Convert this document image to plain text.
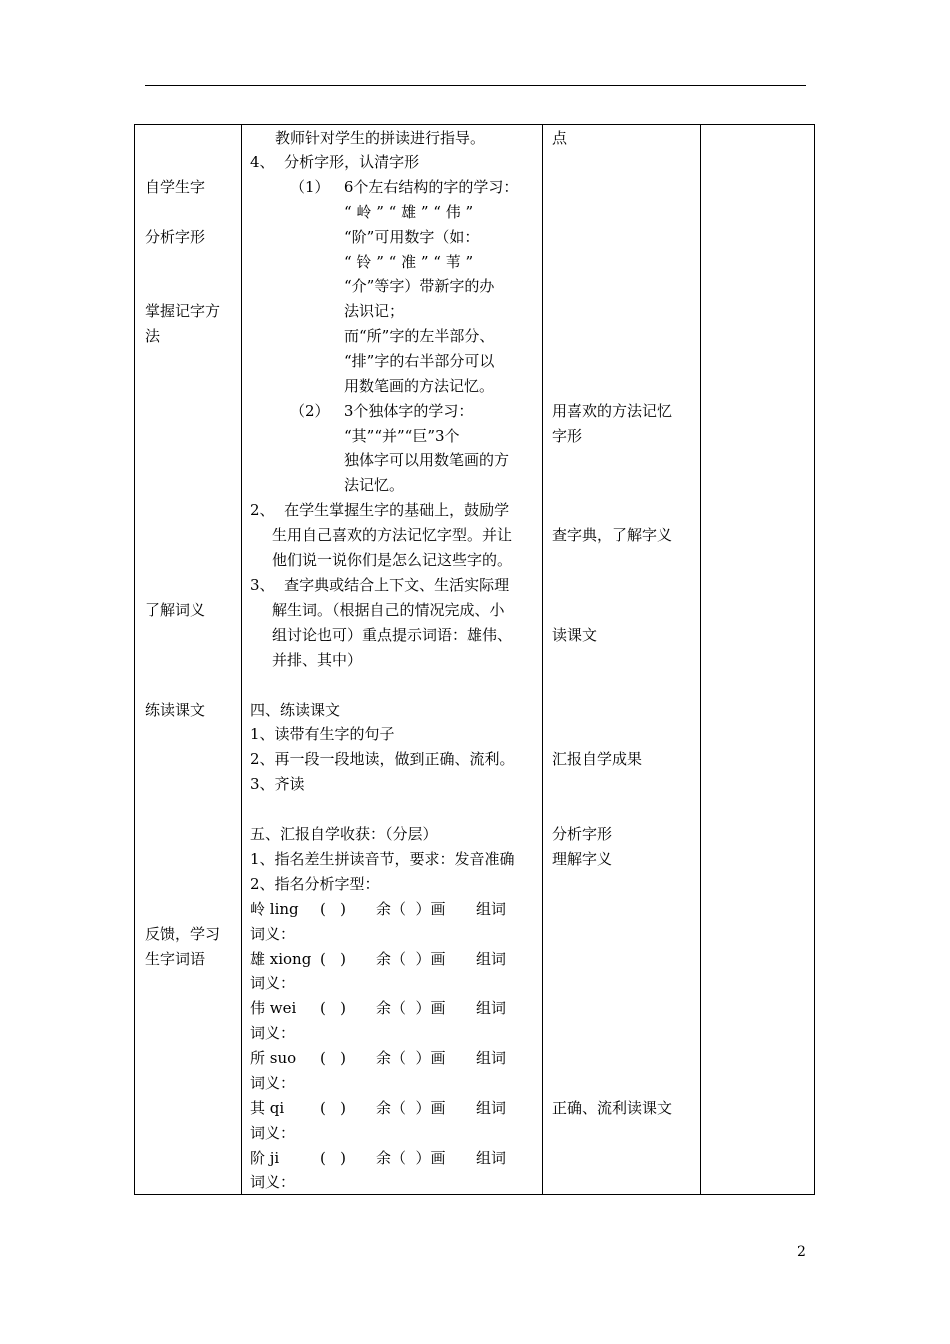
自学生字
分析字形
掌握记字方
法
了解词义
练读课文
反馈，学习
生字词语
教师针对学生的拼读进行指导。
4、  分析字形，认清字形
（1）   6个左右结构的字的学习：
“ 岭 ” “ 雄 ” “ 伟 ”
“阶”可用数字（如：
“ 铃 ” “ 准 ” “ 苇 ”
“介”等字）带新字的办
法识记；
而“所”字的左半部分、
“排”字的右半部分可以
用数笔画的方法记忆。
（2）   3个独体字的学习：
“其”“并”“巨”3个
独体字可以用数笔画的方
法记忆。
2、  在学生掌握生字的基础上，鼓励学
生用自己喜欢的方法记忆字型。并让
他们说一说你们是怎么记这些字的。
3、  查字典或结合上下文、生活实际理
解生词。（根据自己的情况完成、小
组讨论也可）重点提示词语：雄伟、
并排、其中）
四、练读课文
1、读带有生字的句子
2、再一段一段地读，做到正确、流利。
3、齐读
五、汇报自学收获：（分层）
1、指名差生拼读音节，要求：发音准确
2、指名分析字型：
岭 ling (   ) 余（  ）画 组词
词义：
雄 xiong (   ) 余（  ）画 组词
词义：
伟 wei (   ) 余（  ）画 组词
词义：
所 suo (   ) 余（  ）画 组词
词义：
其 qi (   ) 余（  ）画 组词
词义：
阶 ji	(   ) 余（  ）画 组词
词义：
点
用喜欢的方法记忆
字形
查字典，了解字义
读课文
汇报自学成果
分析字形
理解字义
正确、流利读课文
2
